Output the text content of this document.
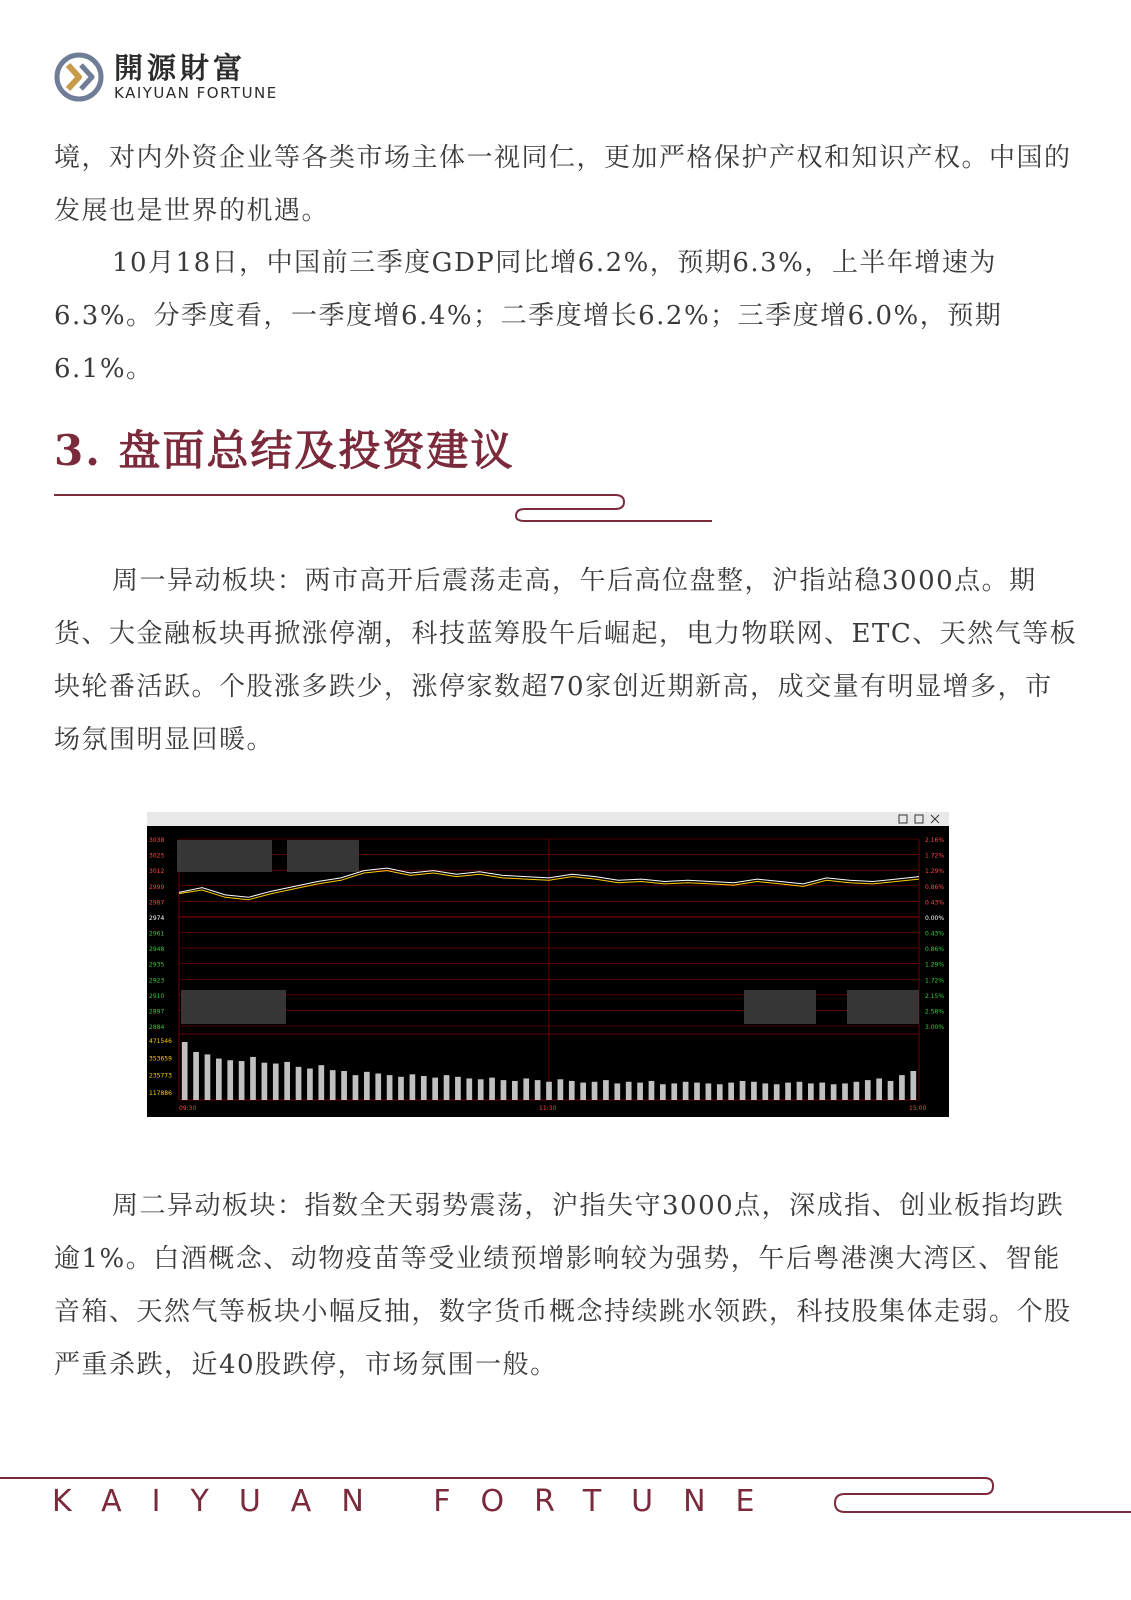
開源財富
KAIYUAN FORTUNE

境，对内外资企业等各类市场主体一视同仁，更加严格保护产权和知识产权。中国的发展也是世界的机遇。

10月18日，中国前三季度GDP同比增6.2%，预期6.3%，上半年增速为6.3%。分季度看，一季度增6.4%；二季度增长6.2%；三季度增6.0%，预期6.1%。

3. 盘面总结及投资建议

周一异动板块：两市高开后震荡走高，午后高位盘整，沪指站稳3000点。期货、大金融板块再掀涨停潮，科技蓝筹股午后崛起，电力物联网、ETC、天然气等板块轮番活跃。个股涨多跌少，涨停家数超70家创近期新高，成交量有明显增多，市场氛围明显回暖。

3038
3025
3012
2999
2987
2974
2961
2948
2935
2923
2910
2897
2884
2.16%
1.72%
1.29%
0.86%
0.43%
0.00%
0.43%
0.86%
1.29%
1.72%
2.15%
2.58%
3.00%
471546
353659
235773
117886
09:30	11:30	15:00

周二异动板块：指数全天弱势震荡，沪指失守3000点，深成指、创业板指均跌逾1%。白酒概念、动物疫苗等受业绩预增影响较为强势，午后粤港澳大湾区、智能音箱、天然气等板块小幅反抽，数字货币概念持续跳水领跌，科技股集体走弱。个股严重杀跌，近40股跌停，市场氛围一般。

KAIYUAN FORTUNE
